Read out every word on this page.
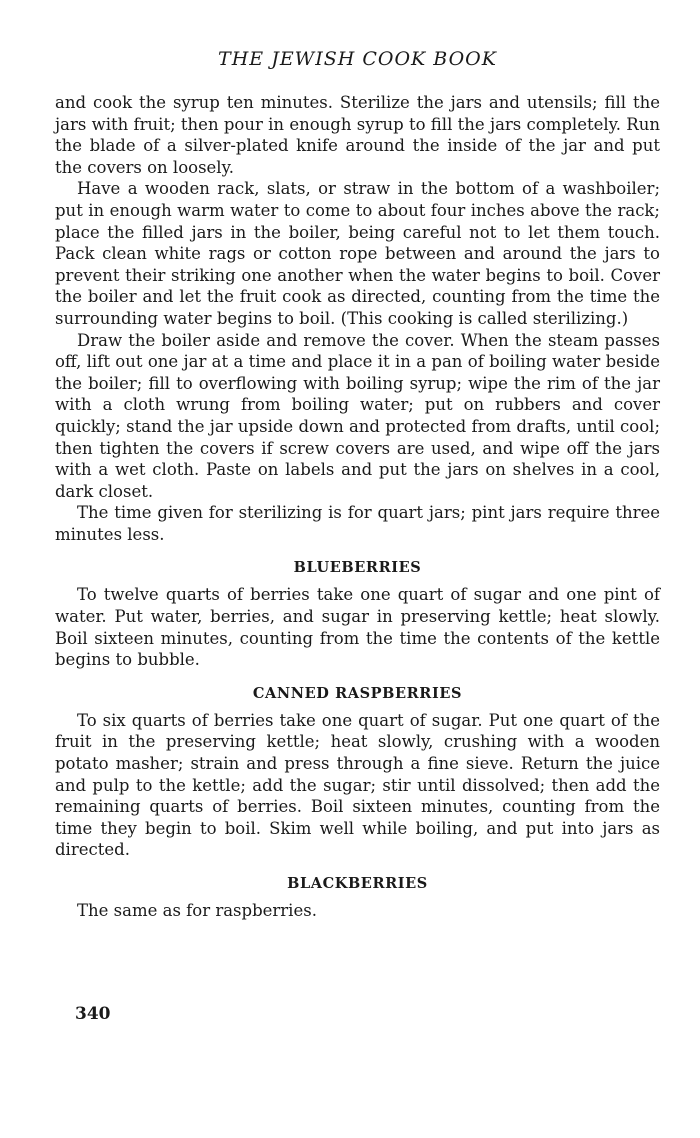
THE JEWISH COOK BOOK

and cook the syrup ten minutes. Sterilize the jars and utensils; fill the jars with fruit; then pour in enough syrup to fill the jars completely. Run the blade of a silver-plated knife around the inside of the jar and put the covers on loosely.

Have a wooden rack, slats, or straw in the bottom of a washboiler; put in enough warm water to come to about four inches above the rack; place the filled jars in the boiler, being careful not to let them touch. Pack clean white rags or cotton rope between and around the jars to prevent their striking one another when the water begins to boil. Cover the boiler and let the fruit cook as directed, counting from the time the surrounding water begins to boil. (This cooking is called sterilizing.)

Draw the boiler aside and remove the cover. When the steam passes off, lift out one jar at a time and place it in a pan of boiling water beside the boiler; fill to overflowing with boiling syrup; wipe the rim of the jar with a cloth wrung from boiling water; put on rubbers and cover quickly; stand the jar upside down and protected from drafts, until cool; then tighten the covers if screw covers are used, and wipe off the jars with a wet cloth. Paste on labels and put the jars on shelves in a cool, dark closet.

The time given for sterilizing is for quart jars; pint jars require three minutes less.

BLUEBERRIES

To twelve quarts of berries take one quart of sugar and one pint of water. Put water, berries, and sugar in preserving kettle; heat slowly. Boil sixteen minutes, counting from the time the contents of the kettle begins to bubble.

CANNED RASPBERRIES

To six quarts of berries take one quart of sugar. Put one quart of the fruit in the preserving kettle; heat slowly, crushing with a wooden potato masher; strain and press through a fine sieve. Return the juice and pulp to the kettle; add the sugar; stir until dissolved; then add the remaining quarts of berries. Boil sixteen minutes, counting from the time they begin to boil. Skim well while boiling, and put into jars as directed.

BLACKBERRIES

The same as for raspberries.

340
